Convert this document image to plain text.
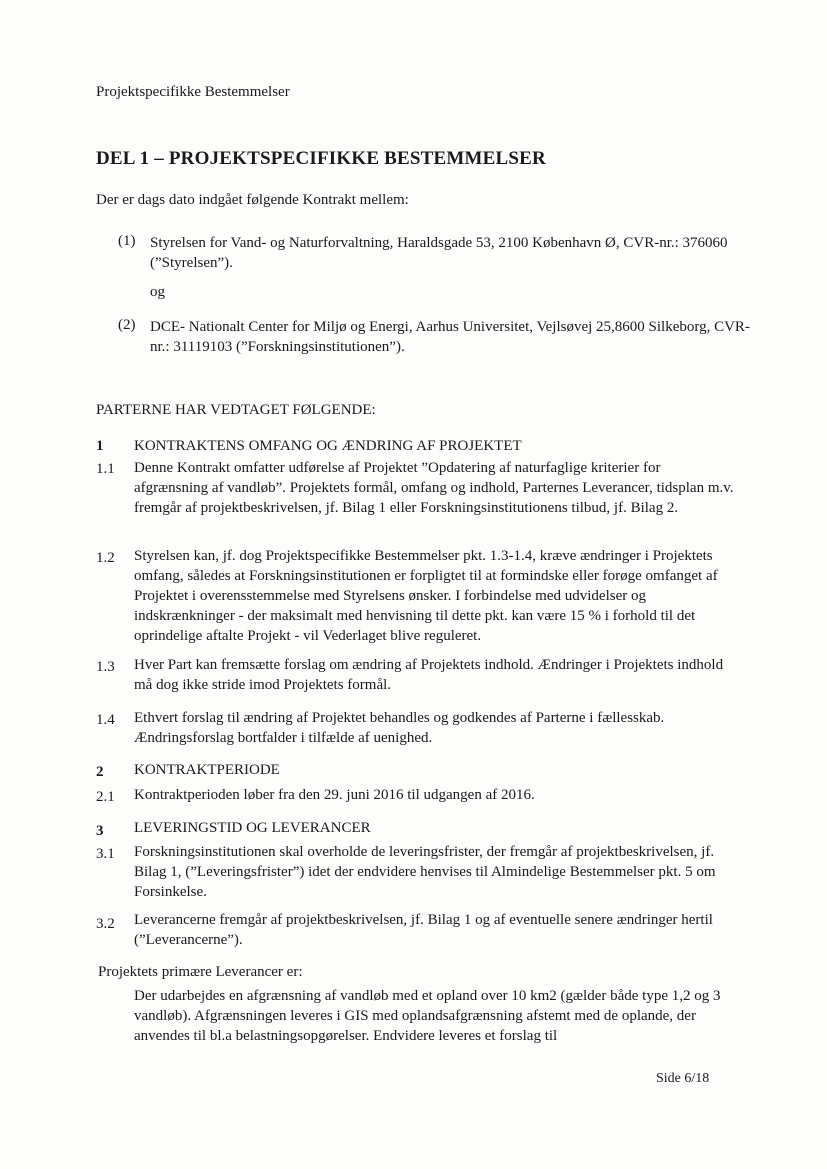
Projektspecifikke Bestemmelser
DEL 1 – PROJEKTSPECIFIKKE BESTEMMELSER
Der er dags dato indgået følgende Kontrakt mellem:
(1) Styrelsen for Vand- og Naturforvaltning, Haraldsgade 53, 2100 København Ø, CVR-nr.: 376060 (”Styrelsen”).
og
(2) DCE- Nationalt Center for Miljø og Energi, Aarhus Universitet, Vejlsøvej 25,8600 Silkeborg, CVR-nr.: 31119103 (”Forskningsinstitutionen”).
PARTERNE HAR VEDTAGET FØLGENDE:
1 KONTRAKTENS OMFANG OG ÆNDRING AF PROJEKTET
1.1 Denne Kontrakt omfatter udførelse af Projektet ”Opdatering af naturfaglige kriterier for afgrænsning af vandløb”. Projektets formål, omfang og indhold, Parternes Leverancer, tidsplan m.v. fremgår af projektbeskrivelsen, jf. Bilag 1 eller Forskningsinstitutionens tilbud, jf. Bilag 2.
1.2 Styrelsen kan, jf. dog Projektspecifikke Bestemmelser pkt. 1.3-1.4, kræve ændringer i Projektets omfang, således at Forskningsinstitutionen er forpligtet til at formindske eller forøge omfanget af Projektet i overensstemmelse med Styrelsens ønsker. I forbindelse med udvidelser og indskrænkninger - der maksimalt med henvisning til dette pkt. kan være 15 % i forhold til det oprindelige aftalte Projekt - vil Vederlaget blive reguleret.
1.3 Hver Part kan fremsætte forslag om ændring af Projektets indhold. Ændringer i Projektets indhold må dog ikke stride imod Projektets formål.
1.4 Ethvert forslag til ændring af Projektet behandles og godkendes af Parterne i fællesskab. Ændringsforslag bortfalder i tilfælde af uenighed.
2 KONTRAKTPERIODE
2.1 Kontraktperioden løber fra den 29. juni 2016 til udgangen af 2016.
3 LEVERINGSTID OG LEVERANCER
3.1 Forskningsinstitutionen skal overholde de leveringsfrister, der fremgår af projektbeskrivelsen, jf. Bilag 1, (”Leveringsfrister”) idet der endvidere henvises til Almindelige Bestemmelser pkt. 5 om Forsinkelse.
3.2 Leverancerne fremgår af projektbeskrivelsen, jf. Bilag 1 og af eventuelle senere ændringer hertil (”Leverancerne”).
Projektets primære Leverancer er:
Der udarbejdes en afgrænsning af vandløb med et opland over 10 km2 (gælder både type 1,2 og 3 vandløb). Afgrænsningen leveres i GIS med oplandsafgrænsning afstemt med de oplande, der anvendes til bl.a belastningsopgørelser. Endvidere leveres et forslag til
Side 6/18
